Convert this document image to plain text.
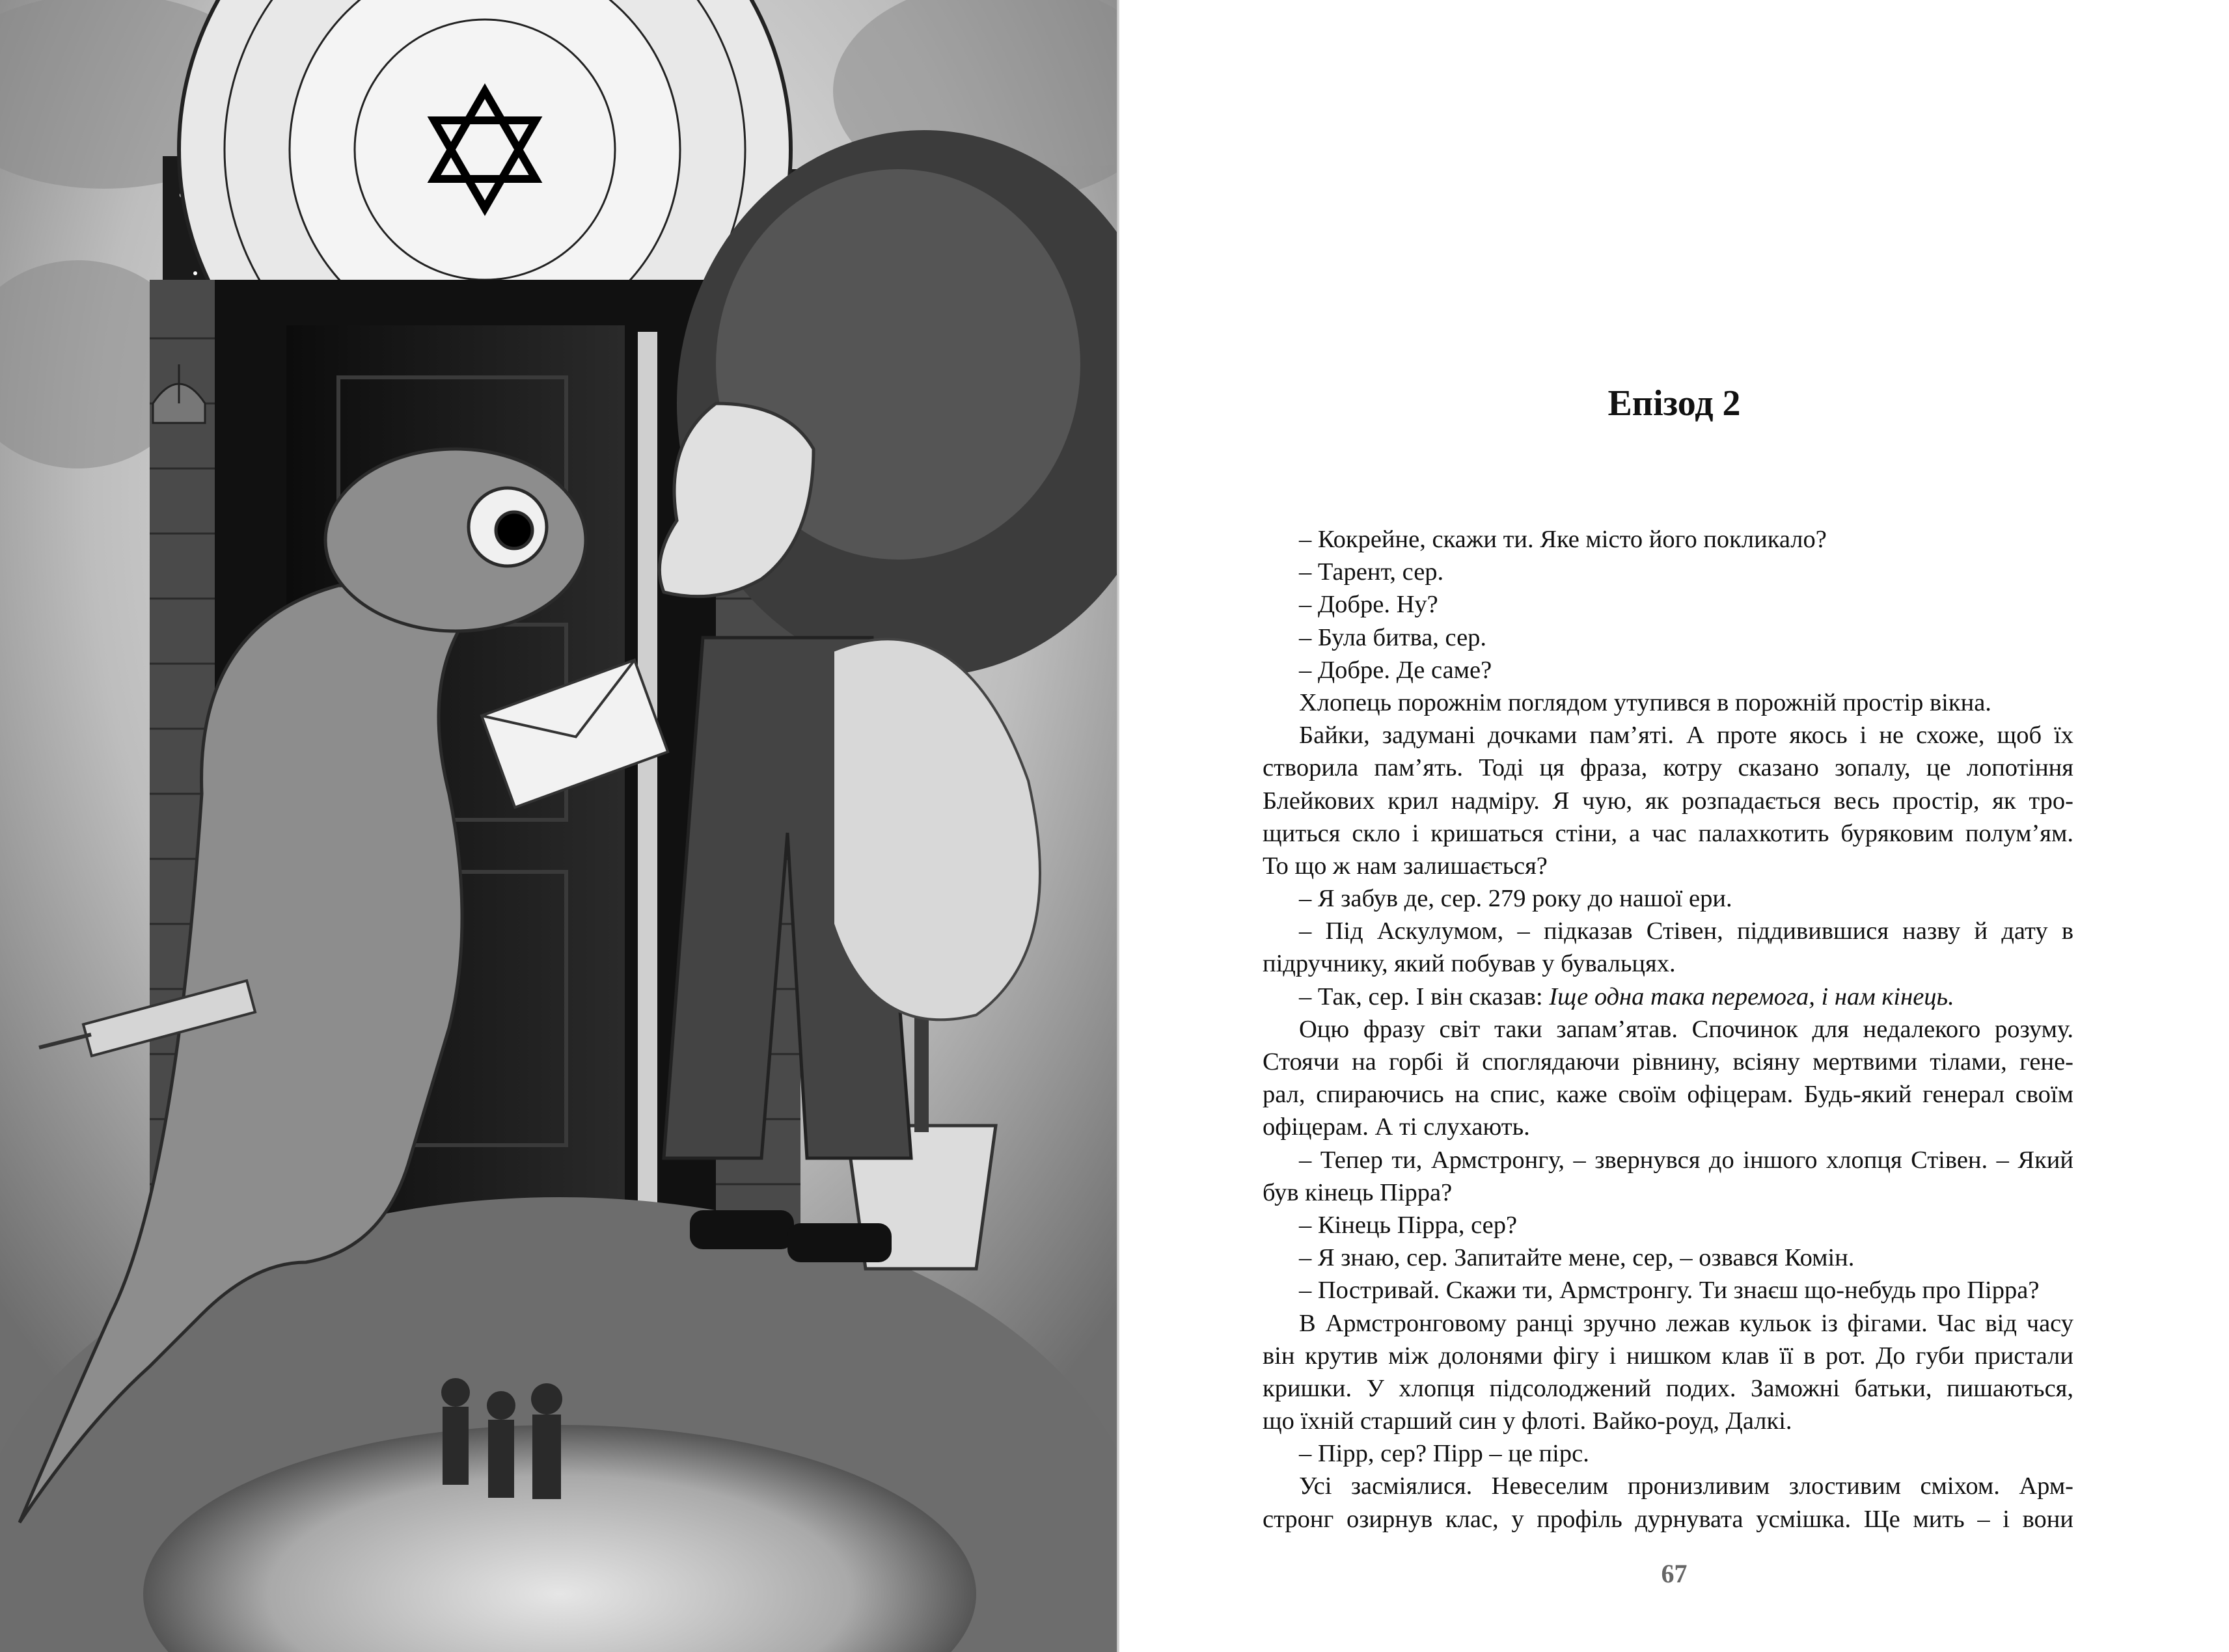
Епізод 2
– Кокрейне, скажи ти. Яке місто його покликало?
– Тарент, сер.
– Добре. Ну?
– Була битва, сер.
– Добре. Де саме?
Хлопець порожнім поглядом утупився в порожній простір вікна.
Байки, задумані дочками пам’яті. А проте якось і не схоже, щоб їх
створила пам’ять. Тоді ця фраза, котру сказано зопалу, це лопотіння
Блейкових крил надміру. Я чую, як розпадається весь простір, як тро-
щиться скло і кришаться стіни, а час палахкотить буряковим полум’ям.
То що ж нам залишається?
– Я забув де, сер. 279 року до нашої ери.
– Під Аскулумом, – підказав Стівен, піддивившися назву й дату в
підручнику, який побував у бувальцях.
– Так, сер. І він сказав: Іще одна така перемога, і нам кінець.
Оцю фразу світ таки запам’ятав. Спочинок для недалекого розуму.
Стоячи на горбі й споглядаючи рівнину, всіяну мертвими тілами, гене-
рал, спираючись на спис, каже своїм офіцерам. Будь-який генерал своїм
офіцерам. А ті слухають.
– Тепер ти, Армстронгу, – звернувся до іншого хлопця Стівен. – Який
був кінець Пірра?
– Кінець Пірра, сер?
– Я знаю, сер. Запитайте мене, сер, – озвався Комін.
– Постривай. Скажи ти, Армстронгу. Ти знаєш що-небудь про Пірра?
В Армстронговому ранці зручно лежав кульок із фігами. Час від часу
він крутив між долонями фігу і нишком клав її в рот. До губи пристали
кришки. У хлопця підсолоджений подих. Заможні батьки, пишаються,
що їхній старший син у флоті. Вайко-роуд, Далкі.
– Пірр, сер? Пірр – це пірс.
Усі засміялися. Невеселим пронизливим злостивим сміхом. Арм-
стронг озирнув клас, у профіль дурнувата усмішка. Ще мить – і вони
67
